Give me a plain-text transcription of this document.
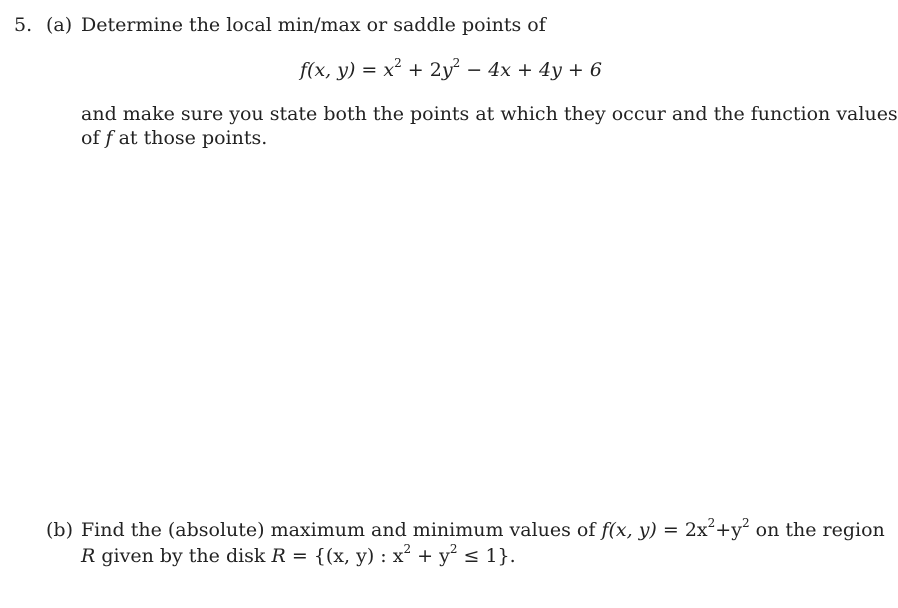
5. (a) Determine the local min/max or saddle points of
f(x, $y) = x^2 + 2y^2 - 4x + 4y + 6$
and make sure you state both the points at which they occur and the function values
of f at those points.
(b) Find the (absolute) maximum and minimum values of f(x, $y) = 2x^2+y^2$ on the region
R given by the disk R = {(x, y) : $x^2 + y^2 \le 1$}.
